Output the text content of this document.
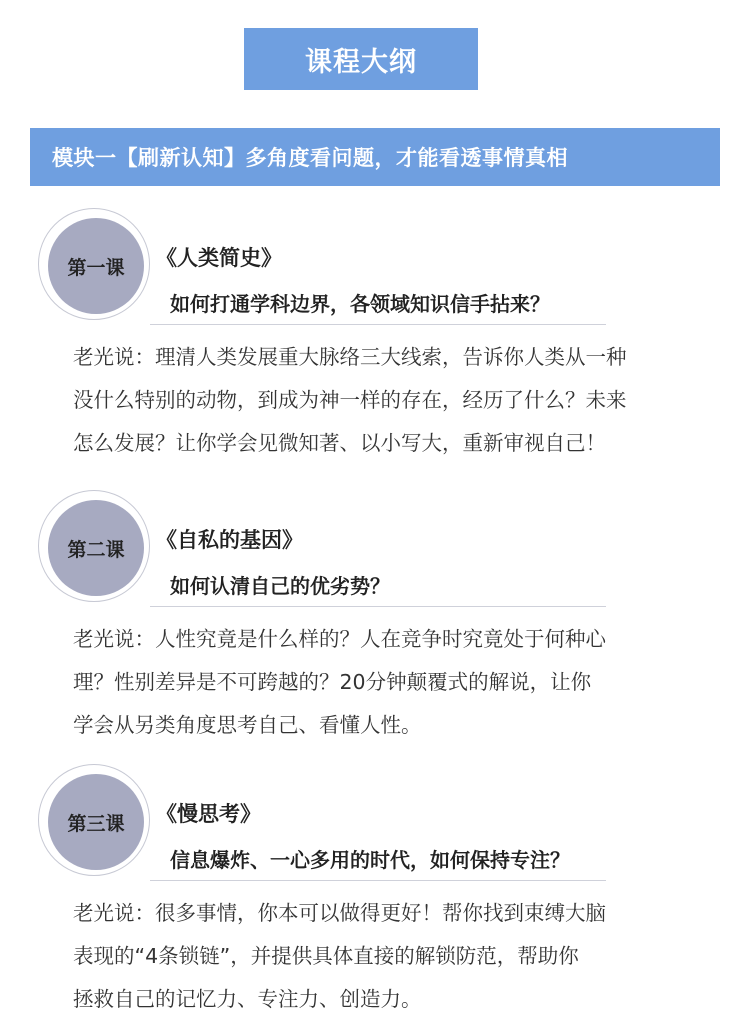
课程大纲
模块一【刷新认知】多角度看问题，才能看透事情真相
第一课	《人类简史》
如何打通学科边界，各领域知识信手拈来？
老光说：理清人类发展重大脉络三大线索，告诉你人类从一种
没什么特别的动物，到成为神一样的存在，经历了什么？未来
怎么发展？让你学会见微知著、以小写大，重新审视自己！
第二课	《自私的基因》
如何认清自己的优劣势？
老光说：人性究竟是什么样的？人在竞争时究竟处于何种心
理？性别差异是不可跨越的？20分钟颠覆式的解说，让你
学会从另类角度思考自己、看懂人性。
第三课	《慢思考》
信息爆炸、一心多用的时代，如何保持专注？
老光说：很多事情，你本可以做得更好！帮你找到束缚大脑
表现的“4条锁链”，并提供具体直接的解锁防范，帮助你
拯救自己的记忆力、专注力、创造力。
